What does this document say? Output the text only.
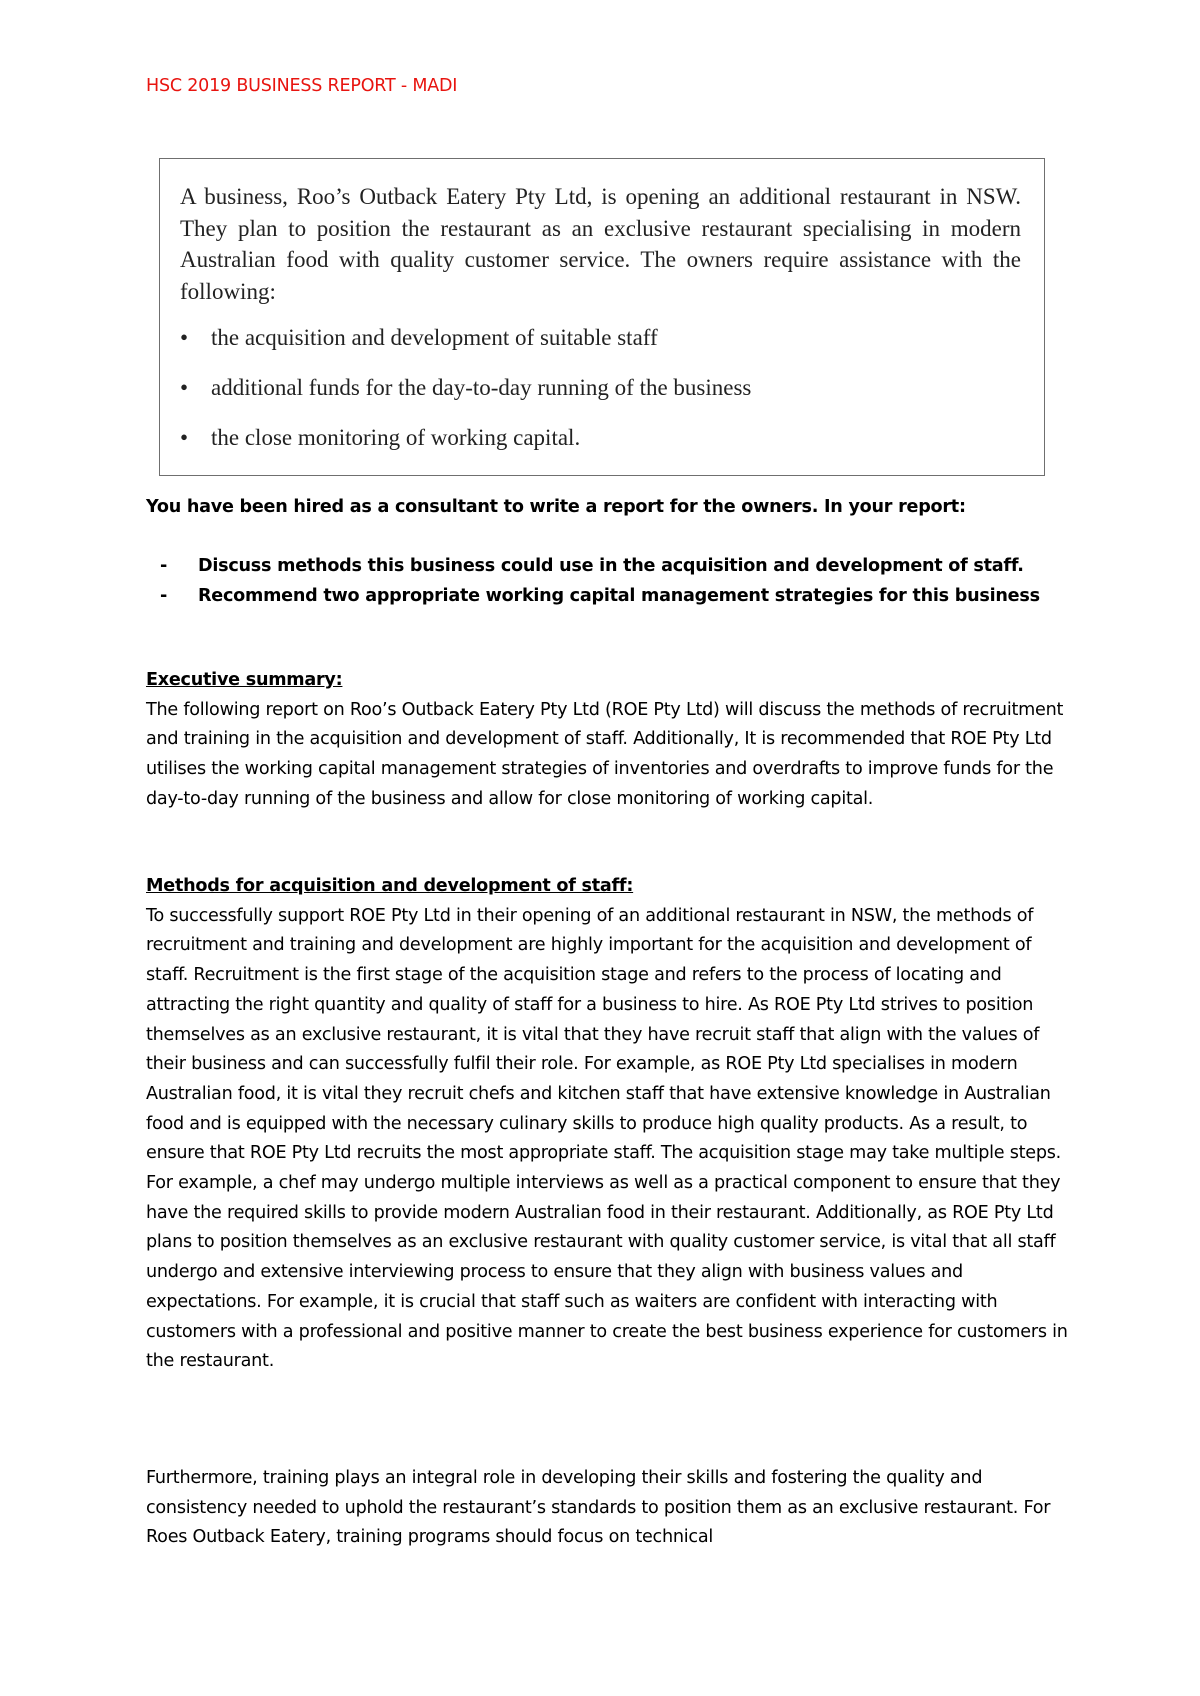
HSC 2019 BUSINESS REPORT - MADI

A business, Roo’s Outback Eatery Pty Ltd, is opening an additional restaurant in NSW. They plan to position the restaurant as an exclusive restaurant specialising in modern Australian food with quality customer service. The owners require assistance with the following:

• the acquisition and development of suitable staff
• additional funds for the day-to-day running of the business
• the close monitoring of working capital.

You have been hired as a consultant to write a report for the owners. In your report:

- Discuss methods this business could use in the acquisition and development of staff.
- Recommend two appropriate working capital management strategies for this business
Executive summary:

The following report on Roo’s Outback Eatery Pty Ltd (ROE Pty Ltd) will discuss the methods of recruitment and training in the acquisition and development of staff. Additionally, It is recommended that ROE Pty Ltd utilises the working capital management strategies of inventories and overdrafts to improve funds for the day-to-day running of the business and allow for close monitoring of working capital.

Methods for acquisition and development of staff:

To successfully support ROE Pty Ltd in their opening of an additional restaurant in NSW, the methods of recruitment and training and development are highly important for the acquisition and development of staff. Recruitment is the first stage of the acquisition stage and refers to the process of locating and attracting the right quantity and quality of staff for a business to hire. As ROE Pty Ltd strives to position themselves as an exclusive restaurant, it is vital that they have recruit staff that align with the values of their business and can successfully fulfil their role. For example, as ROE Pty Ltd specialises in modern Australian food, it is vital they recruit chefs and kitchen staff that have extensive knowledge in Australian food and is equipped with the necessary culinary skills to produce high quality products. As a result, to ensure that ROE Pty Ltd recruits the most appropriate staff. The acquisition stage may take multiple steps. For example, a chef may undergo multiple interviews as well as a practical component to ensure that they have the required skills to provide modern Australian food in their restaurant. Additionally, as ROE Pty Ltd plans to position themselves as an exclusive restaurant with quality customer service, is vital that all staff undergo and extensive interviewing process to ensure that they align with business values and expectations. For example, it is crucial that staff such as waiters are confident with interacting with customers with a professional and positive manner to create the best business experience for customers in the restaurant.

Furthermore, training plays an integral role in developing their skills and fostering the quality and consistency needed to uphold the restaurant’s standards to position them as an exclusive restaurant. For Roes Outback Eatery, training programs should focus on technical
